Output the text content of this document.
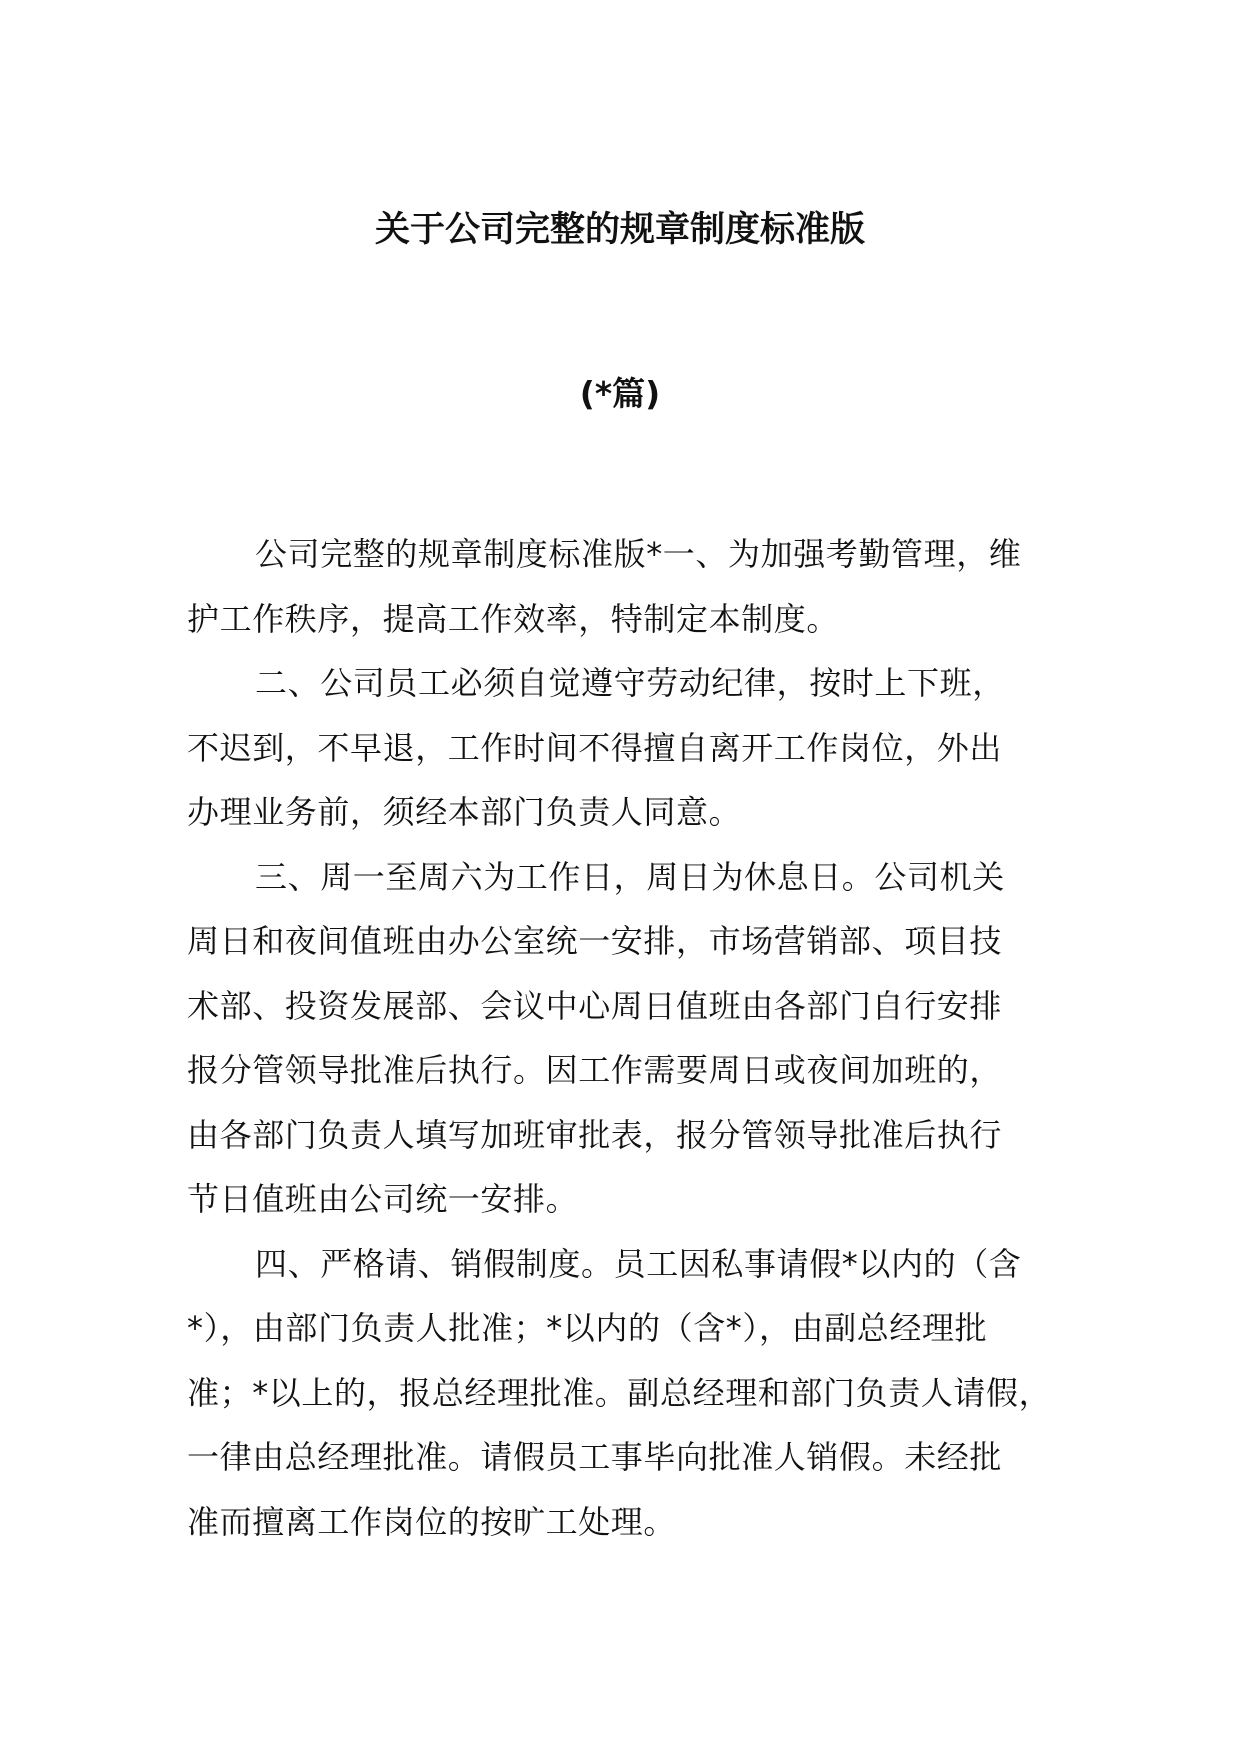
关于公司完整的规章制度标准版
(*篇)

公司完整的规章制度标准版*一、为加强考勤管理，维
护工作秩序，提高工作效率，特制定本制度。

二、公司员工必须自觉遵守劳动纪律，按时上下班，
不迟到，不早退，工作时间不得擅自离开工作岗位，外出
办理业务前，须经本部门负责人同意。

三、周一至周六为工作日，周日为休息日。公司机关
周日和夜间值班由办公室统一安排，市场营销部、项目技
术部、投资发展部、会议中心周日值班由各部门自行安排
报分管领导批准后执行。因工作需要周日或夜间加班的，
由各部门负责人填写加班审批表，报分管领导批准后执行
节日值班由公司统一安排。

四、严格请、销假制度。员工因私事请假*以内的（含
*），由部门负责人批准；*以内的（含*），由副总经理批
准；*以上的，报总经理批准。副总经理和部门负责人请假，
一律由总经理批准。请假员工事毕向批准人销假。未经批
准而擅离工作岗位的按旷工处理。
